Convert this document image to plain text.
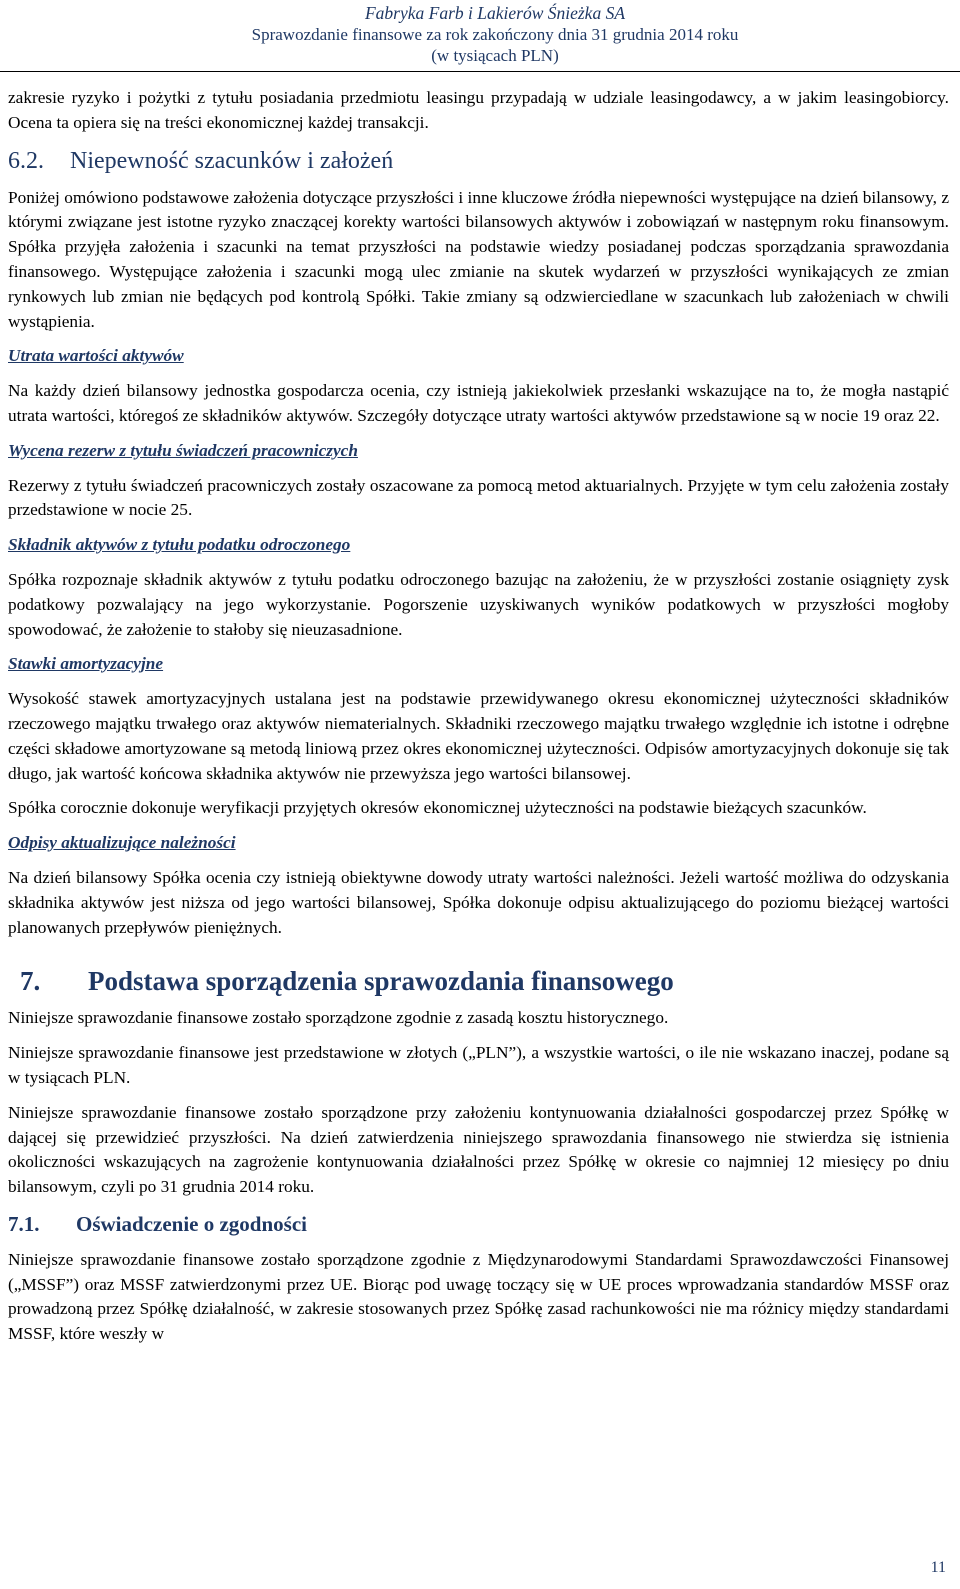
Fabryka Farb i Lakierów Śnieżka SA
Sprawozdanie finansowe za rok zakończony dnia 31 grudnia 2014 roku
(w tysiącach PLN)

zakresie ryzyko i pożytki z tytułu posiadania przedmiotu leasingu przypadają w udziale leasingodawcy, a w jakim leasingobiorcy. Ocena ta opiera się na treści ekonomicznej każdej transakcji.

6.2. Niepewność szacunków i założeń

Poniżej omówiono podstawowe założenia dotyczące przyszłości i inne kluczowe źródła niepewności występujące na dzień bilansowy, z którymi związane jest istotne ryzyko znaczącej korekty wartości bilansowych aktywów i zobowiązań w następnym roku finansowym. Spółka przyjęła założenia i szacunki na temat przyszłości na podstawie wiedzy posiadanej podczas sporządzania sprawozdania finansowego. Występujące założenia i szacunki mogą ulec zmianie na skutek wydarzeń w przyszłości wynikających ze zmian rynkowych lub zmian nie będących pod kontrolą Spółki. Takie zmiany są odzwierciedlane w szacunkach lub założeniach w chwili wystąpienia.

Utrata wartości aktywów

Na każdy dzień bilansowy jednostka gospodarcza ocenia, czy istnieją jakiekolwiek przesłanki wskazujące na to, że mogła nastąpić utrata wartości, któregoś ze składników aktywów. Szczegóły dotyczące utraty wartości aktywów przedstawione są w nocie 19 oraz 22.

Wycena rezerw z tytułu świadczeń pracowniczych

Rezerwy z tytułu świadczeń pracowniczych zostały oszacowane za pomocą metod aktuarialnych. Przyjęte w tym celu założenia zostały przedstawione w nocie 25.

Składnik aktywów z tytułu podatku odroczonego

Spółka rozpoznaje składnik aktywów z tytułu podatku odroczonego bazując na założeniu, że w przyszłości zostanie osiągnięty zysk podatkowy pozwalający na jego wykorzystanie. Pogorszenie uzyskiwanych wyników podatkowych w przyszłości mogłoby spowodować, że założenie to stałoby się nieuzasadnione.

Stawki amortyzacyjne

Wysokość stawek amortyzacyjnych ustalana jest na podstawie przewidywanego okresu ekonomicznej użyteczności składników rzeczowego majątku trwałego oraz aktywów niematerialnych. Składniki rzeczowego majątku trwałego względnie ich istotne i odrębne części składowe amortyzowane są metodą liniową przez okres ekonomicznej użyteczności. Odpisów amortyzacyjnych dokonuje się tak długo, jak wartość końcowa składnika aktywów nie przewyższa jego wartości bilansowej.

Spółka corocznie dokonuje weryfikacji przyjętych okresów ekonomicznej użyteczności na podstawie bieżących szacunków.

Odpisy aktualizujące należności

Na dzień bilansowy Spółka ocenia czy istnieją obiektywne dowody utraty wartości należności. Jeżeli wartość możliwa do odzyskania składnika aktywów jest niższa od jego wartości bilansowej, Spółka dokonuje odpisu aktualizującego do poziomu bieżącej wartości planowanych przepływów pieniężnych.

7. Podstawa sporządzenia sprawozdania finansowego

Niniejsze sprawozdanie finansowe zostało sporządzone zgodnie z zasadą kosztu historycznego.

Niniejsze sprawozdanie finansowe jest przedstawione w złotych („PLN”), a wszystkie wartości, o ile nie wskazano inaczej, podane są w tysiącach PLN.

Niniejsze sprawozdanie finansowe zostało sporządzone przy założeniu kontynuowania działalności gospodarczej przez Spółkę w dającej się przewidzieć przyszłości. Na dzień zatwierdzenia niniejszego sprawozdania finansowego nie stwierdza się istnienia okoliczności wskazujących na zagrożenie kontynuowania działalności przez Spółkę w okresie co najmniej 12 miesięcy po dniu bilansowym, czyli po 31 grudnia 2014 roku.

7.1. Oświadczenie o zgodności

Niniejsze sprawozdanie finansowe zostało sporządzone zgodnie z Międzynarodowymi Standardami Sprawozdawczości Finansowej („MSSF”) oraz MSSF zatwierdzonymi przez UE. Biorąc pod uwagę toczący się w UE proces wprowadzania standardów MSSF oraz prowadzoną przez Spółkę działalność, w zakresie stosowanych przez Spółkę zasad rachunkowości nie ma różnicy między standardami MSSF, które weszły w

11
